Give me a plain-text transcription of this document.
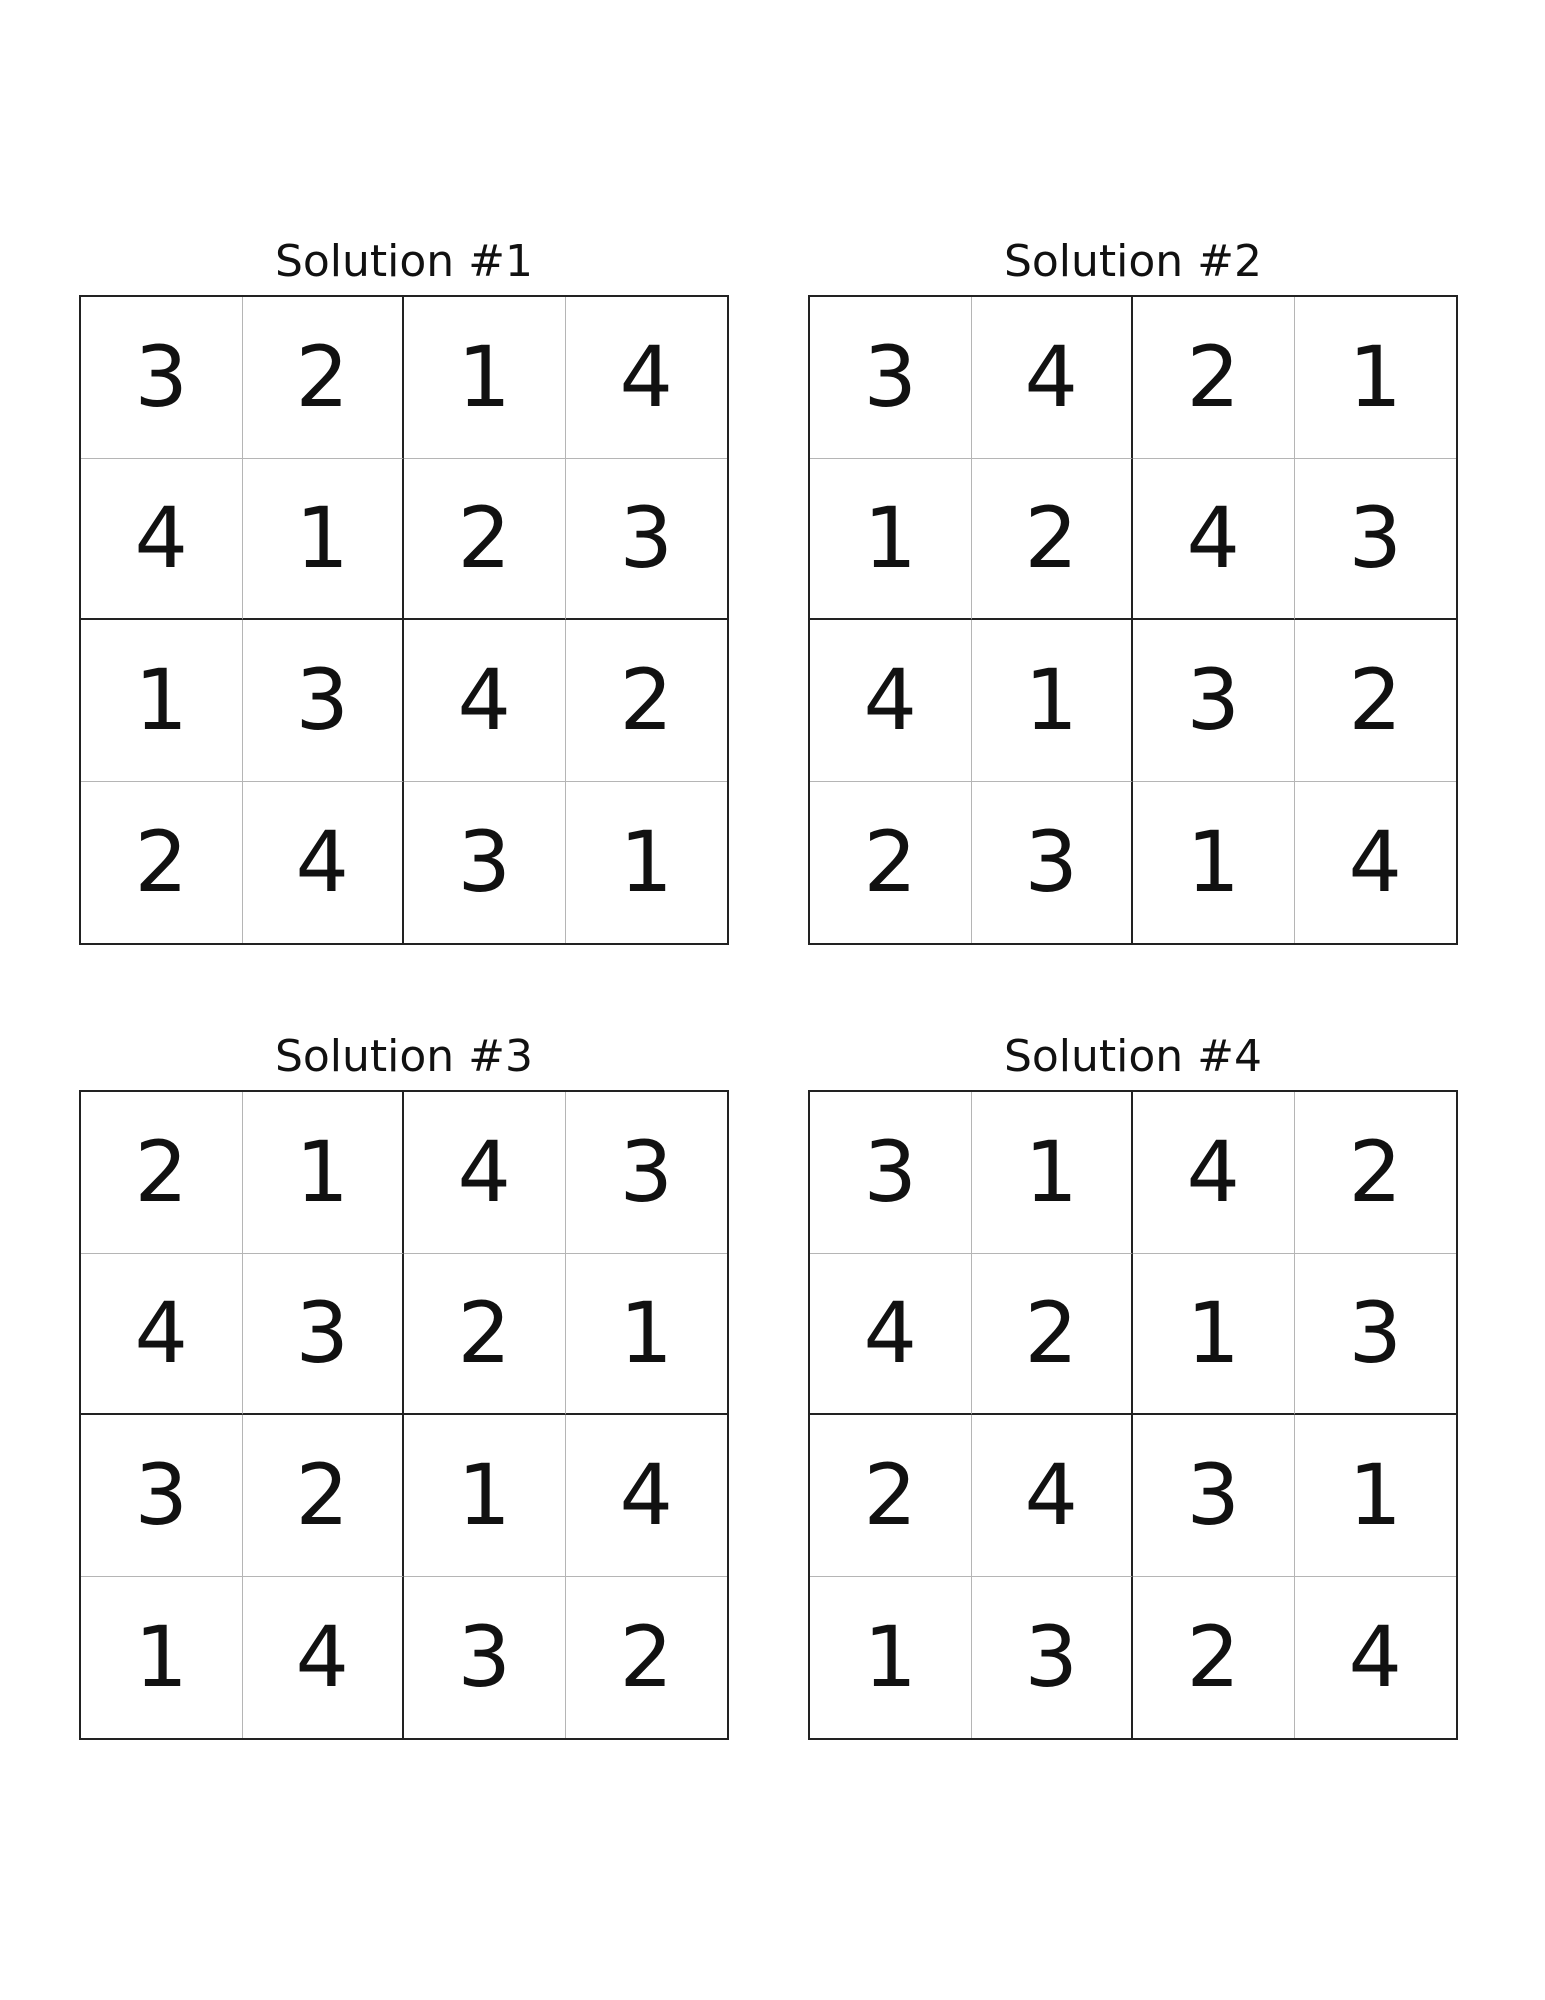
Solution #1
3	2	1	4
4	1	2	3
1	3	4	2
2	4	3	1
Solution #2
3	4	2	1
1	2	4	3
4	1	3	2
2	3	1	4
Solution #3
2	1	4	3
4	3	2	1
3	2	1	4
1	4	3	2
Solution #4
3	1	4	2
4	2	1	3
2	4	3	1
1	3	2	4
